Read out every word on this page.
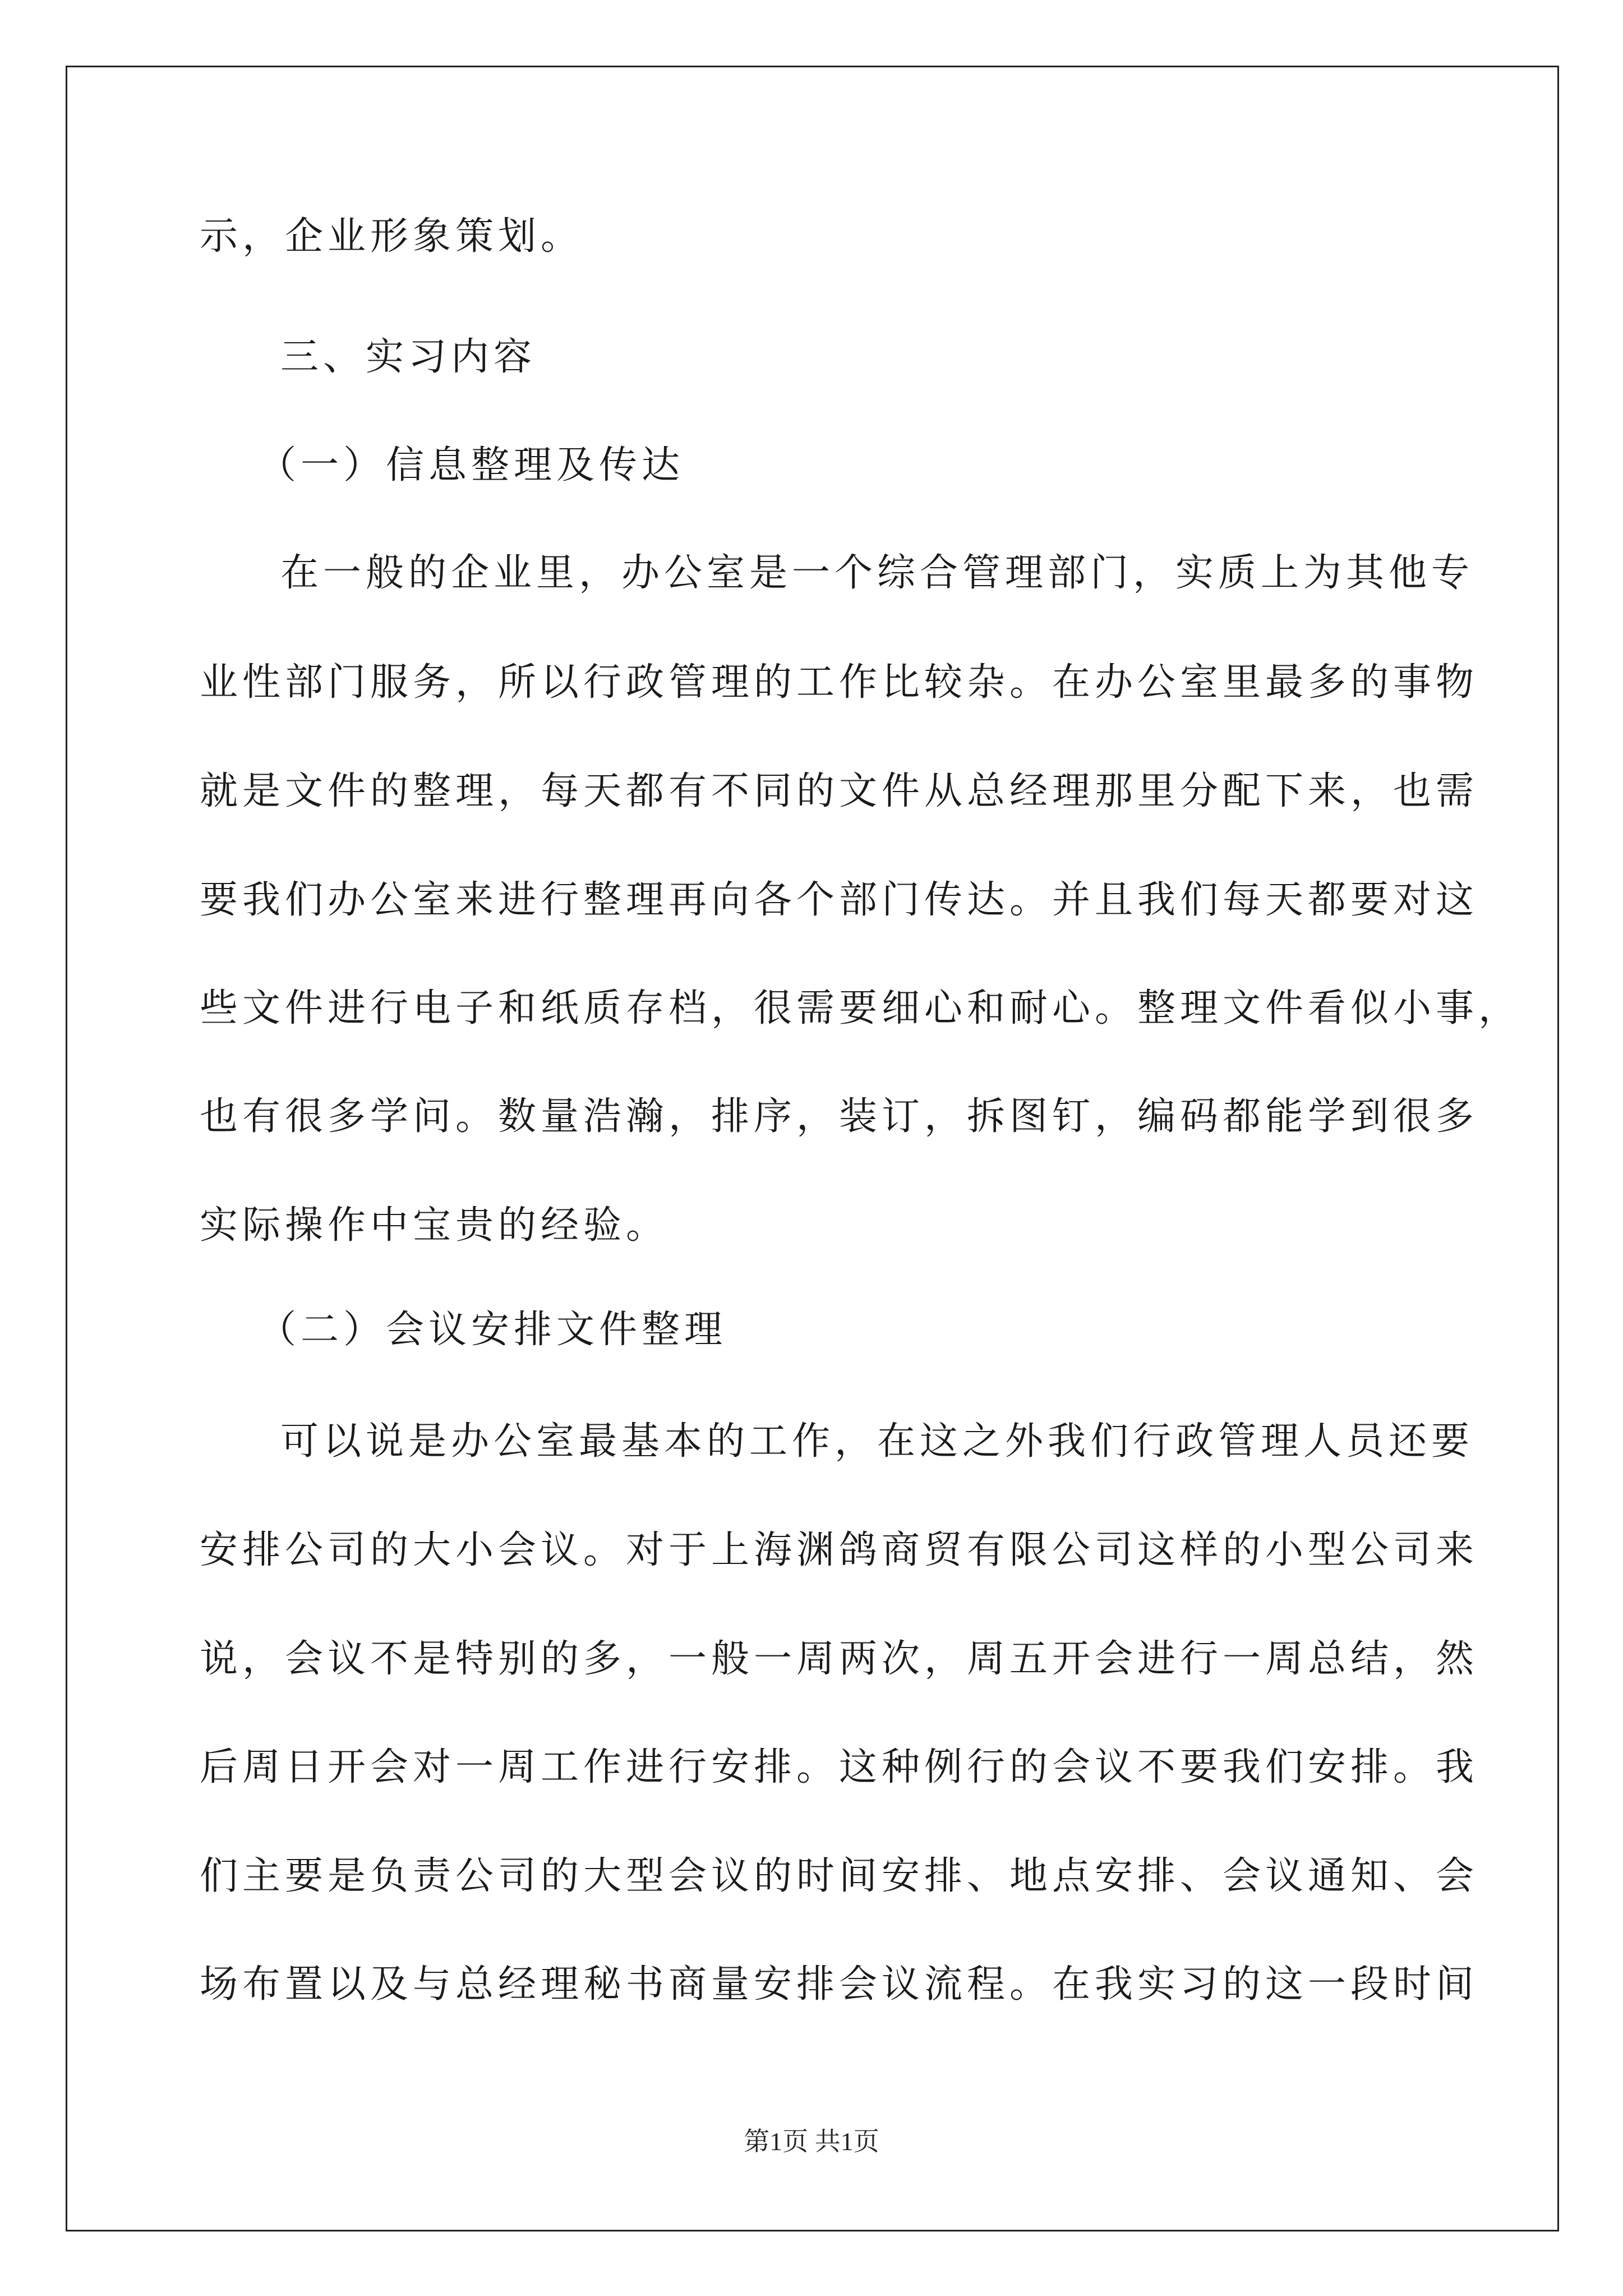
示，企业形象策划。
三、实习内容
（一）信息整理及传达
在一般的企业里，办公室是一个综合管理部门，实质上为其他专
业性部门服务，所以行政管理的工作比较杂。在办公室里最多的事物
就是文件的整理，每天都有不同的文件从总经理那里分配下来，也需
要我们办公室来进行整理再向各个部门传达。并且我们每天都要对这
些文件进行电子和纸质存档，很需要细心和耐心。整理文件看似小事，
也有很多学问。数量浩瀚，排序，装订，拆图钉，编码都能学到很多
实际操作中宝贵的经验。
（二）会议安排文件整理
可以说是办公室最基本的工作，在这之外我们行政管理人员还要
安排公司的大小会议。对于上海渊鸽商贸有限公司这样的小型公司来
说，会议不是特别的多，一般一周两次，周五开会进行一周总结，然
后周日开会对一周工作进行安排。这种例行的会议不要我们安排。我
们主要是负责公司的大型会议的时间安排、地点安排、会议通知、会
场布置以及与总经理秘书商量安排会议流程。在我实习的这一段时间
第1页 共1页
